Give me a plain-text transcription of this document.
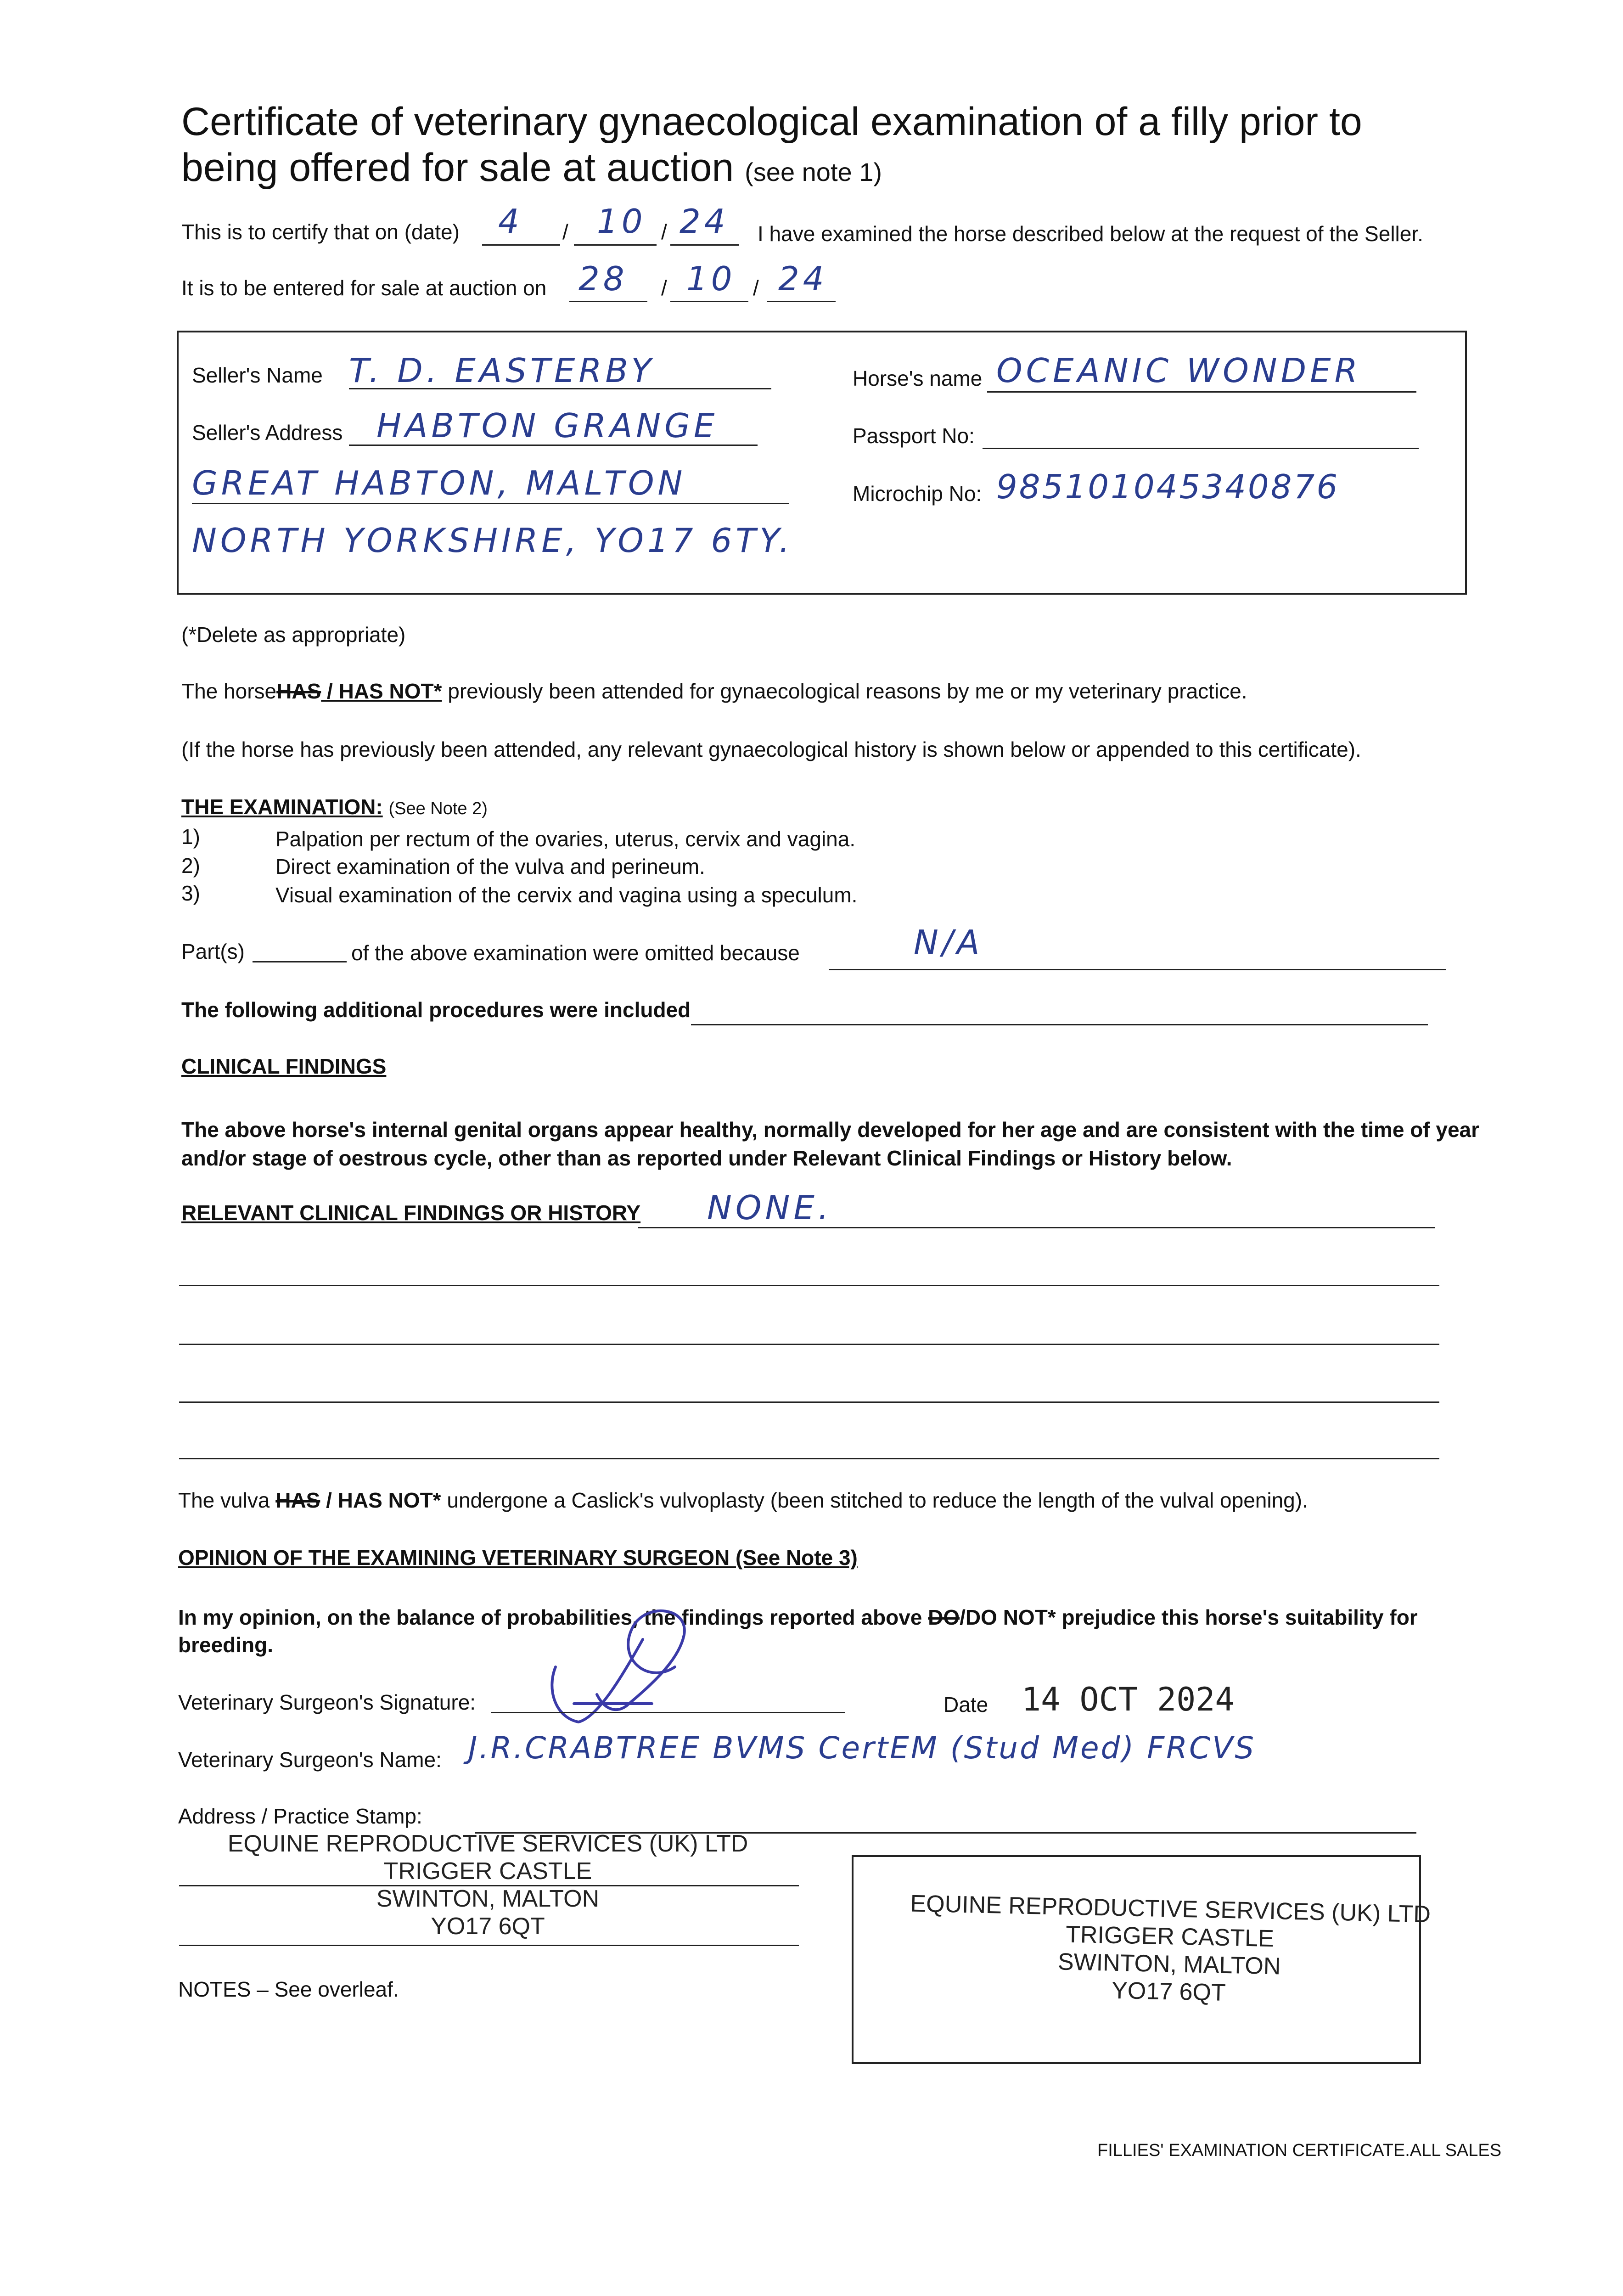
Certificate of veterinary gynaecological examination of a filly prior to
being offered for sale at auction (see note 1)
This is to certify that on (date) 4 / 10 / 24 I have examined the horse described below at the request of the Seller.
It is to be entered for sale at auction on 28 / 10 / 24
Seller's Name T. D. EASTERBY
Seller's Address HABTON GRANGE
GREAT HABTON, MALTON
NORTH YORKSHIRE, YO17 6TY.
Horse's name OCEANIC WONDER
Passport No:
Microchip No: 985101045340876
(*Delete as appropriate)
The horseHAS / HAS NOT* previously been attended for gynaecological reasons by me or my veterinary practice.
(If the horse has previously been attended, any relevant gynaecological history is shown below or appended to this certificate).
THE EXAMINATION: (See Note 2)
1)	Palpation per rectum of the ovaries, uterus, cervix and vagina.
2)	Direct examination of the vulva and perineum.
3)	Visual examination of the cervix and vagina using a speculum.
Part(s)	of the above examination were omitted because	N/A
The following additional procedures were included
CLINICAL FINDINGS
The above horse's internal genital organs appear healthy, normally developed for her age and are consistent with the time of year
and/or stage of oestrous cycle, other than as reported under Relevant Clinical Findings or History below.
RELEVANT CLINICAL FINDINGS OR HISTORY NONE.
The vulva HAS / HAS NOT* undergone a Caslick's vulvoplasty (been stitched to reduce the length of the vulval opening).
OPINION OF THE EXAMINING VETERINARY SURGEON (See Note 3)
In my opinion, on the balance of probabilities, the findings reported above DO/DO NOT* prejudice this horse's suitability for
breeding.
Veterinary Surgeon's Signature:	Date 14 OCT 2024
Veterinary Surgeon's Name: J.R.CRABTREE BVMS CertEM (Stud Med) FRCVS
Address / Practice Stamp:
EQUINE REPRODUCTIVE SERVICES (UK) LTD
TRIGGER CASTLE
SWINTON, MALTON
YO17 6QT	EQUINE REPRODUCTIVE SERVICES (UK) LTD
TRIGGER CASTLE
SWINTON, MALTON
YO17 6QT
NOTES – See overleaf.
FILLIES' EXAMINATION CERTIFICATE.ALL SALES
